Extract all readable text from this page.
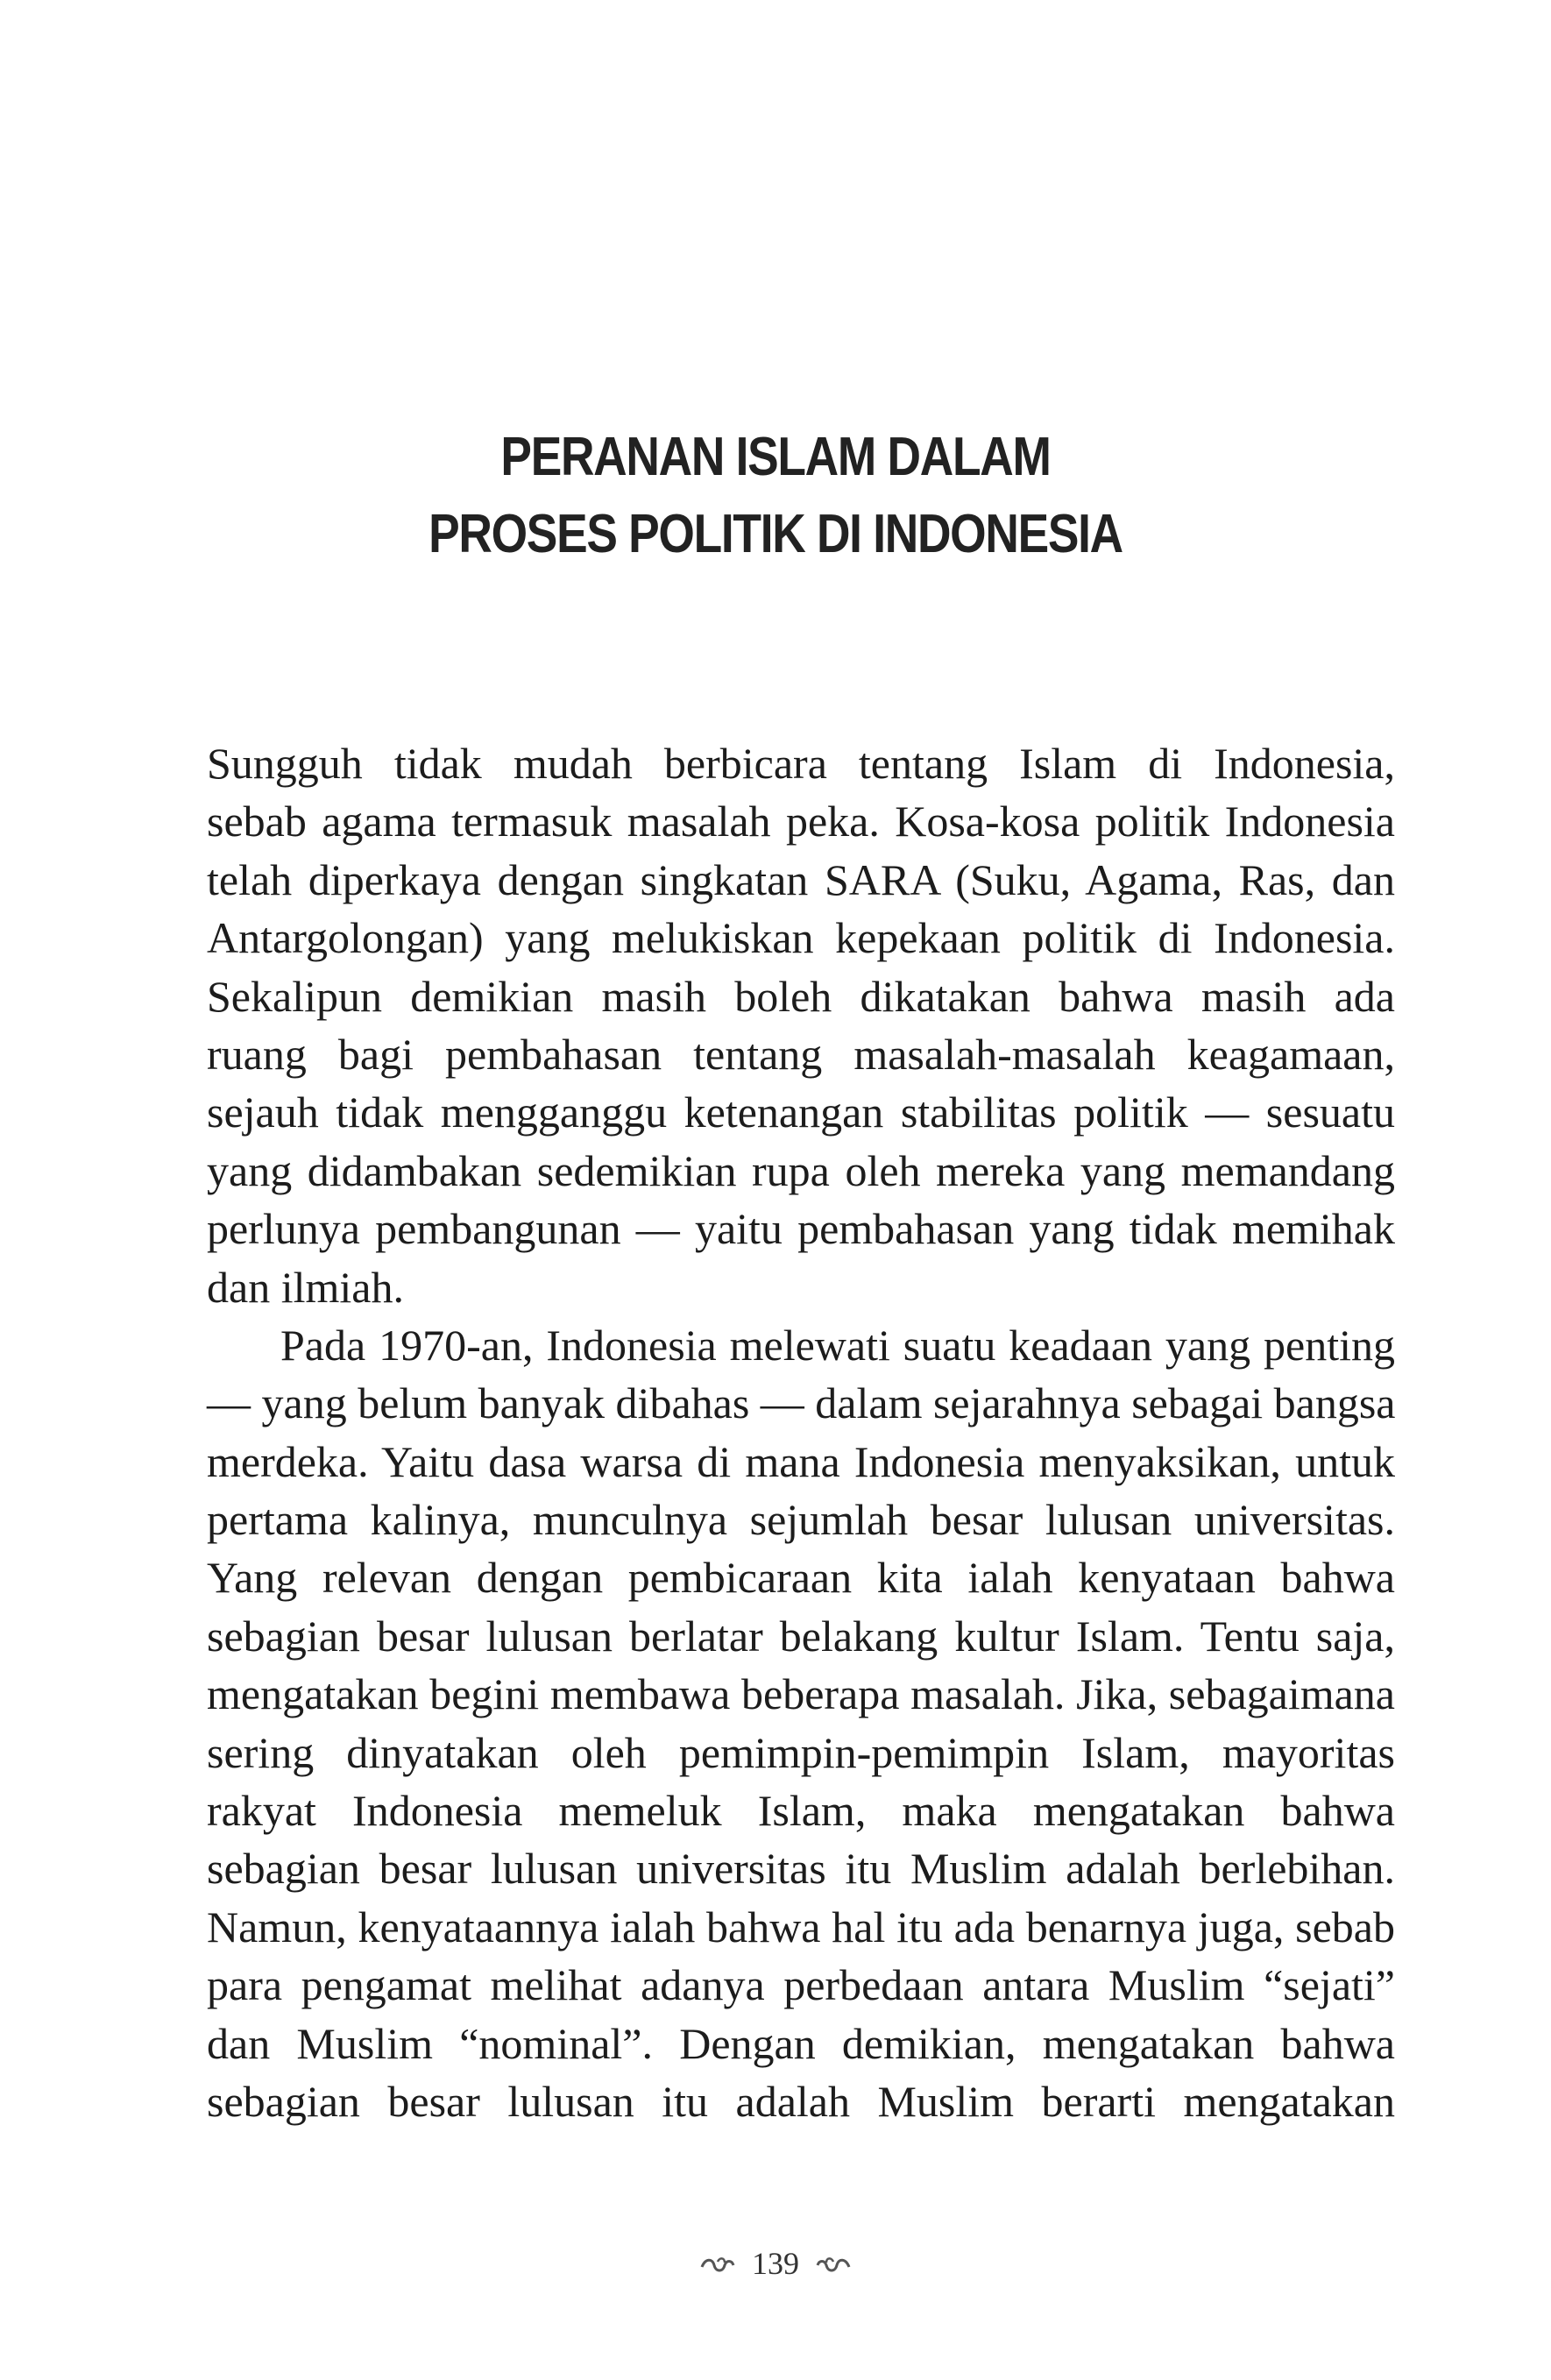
PERANAN ISLAM DALAM
PROSES POLITIK DI INDONESIA
Sungguh tidak mudah berbicara tentang Islam di Indonesia,
sebab agama termasuk masalah peka. Kosa-kosa politik Indonesia
telah diperkaya dengan singkatan SARA (Suku, Agama, Ras, dan
Antargolongan) yang melukiskan kepekaan politik di Indonesia.
Sekalipun demikian masih boleh dikatakan bahwa masih ada
ruang bagi pembahasan tentang masalah-masalah keagamaan,
sejauh tidak mengganggu ketenangan stabilitas politik — sesuatu
yang didambakan sedemikian rupa oleh mereka yang memandang
perlunya pembangunan — yaitu pembahasan yang tidak memihak
dan ilmiah.
Pada 1970-an, Indonesia melewati suatu keadaan yang penting
— yang belum banyak dibahas — dalam sejarahnya sebagai bangsa
merdeka. Yaitu dasa warsa di mana Indonesia menyaksikan, untuk
pertama kalinya, munculnya sejumlah besar lulusan universitas.
Yang relevan dengan pembicaraan kita ialah kenyataan bahwa
sebagian besar lulusan berlatar belakang kultur Islam. Tentu saja,
mengatakan begini membawa beberapa masalah. Jika, sebagaimana
sering dinyatakan oleh pemimpin-pemimpin Islam, mayoritas
rakyat Indonesia memeluk Islam, maka mengatakan bahwa
sebagian besar lulusan universitas itu Muslim adalah berlebihan.
Namun, kenyataannya ialah bahwa hal itu ada benarnya juga, sebab
para pengamat melihat adanya perbedaan antara Muslim “sejati”
dan Muslim “nominal”. Dengan demikian, mengatakan bahwa
sebagian besar lulusan itu adalah Muslim berarti mengatakan
139
